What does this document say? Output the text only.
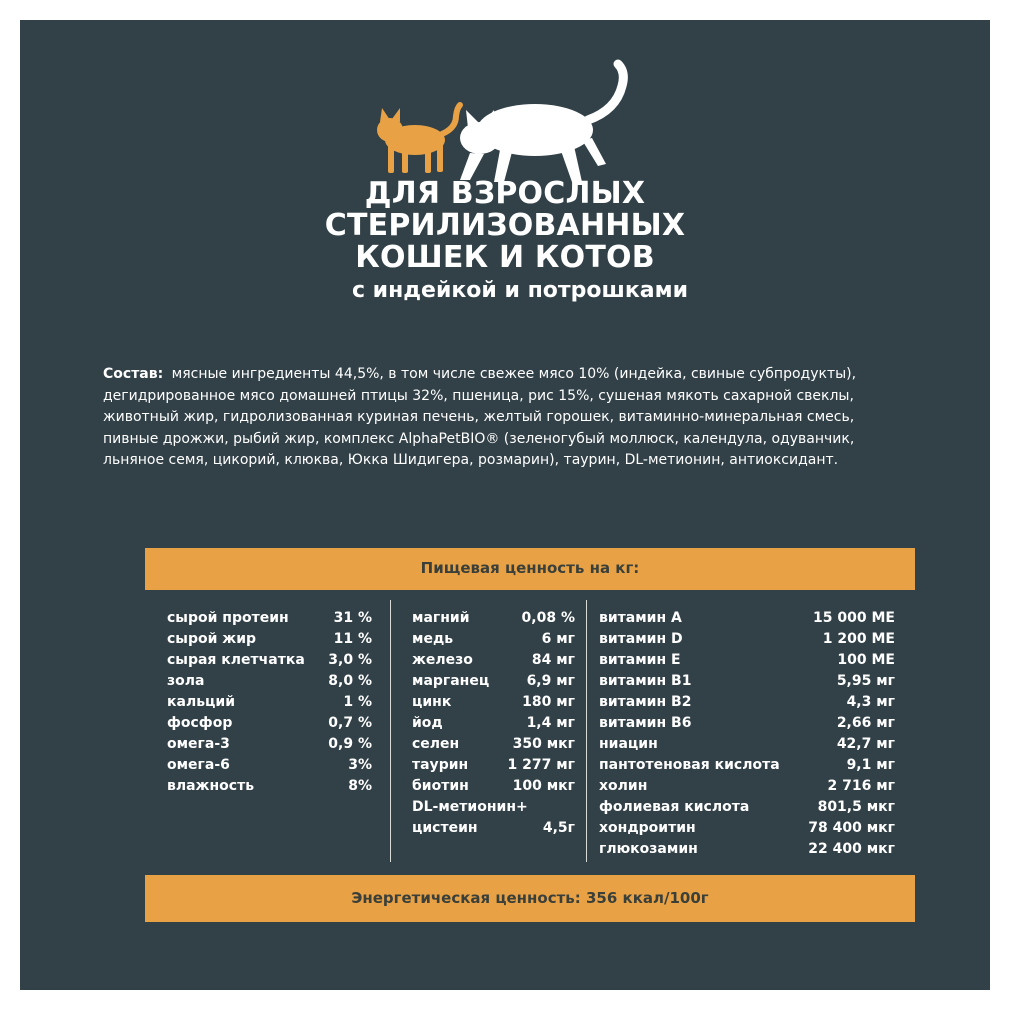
ДЛЯ ВЗРОСЛЫХ
СТЕРИЛИЗОВАННЫХ
КОШЕК И КОТОВ
с индейкой и потрошками
Состав: мясные ингредиенты 44,5%, в том числе свежее мясо 10% (индейка, свиные субпродукты),
дегидрированное мясо домашней птицы 32%, пшеница, рис 15%, сушеная мякоть сахарной свеклы,
животный жир, гидролизованная куриная печень, желтый горошек, витаминно-минеральная смесь,
пивные дрожжи, рыбий жир, комплекс AlphaPetBIO® (зеленогубый моллюск, календула, одуванчик,
льняное семя, цикорий, клюква, Юкка Шидигера, розмарин), таурин, DL-метионин, антиоксидант.
Пищевая ценность на кг:
сырой протеин	31 %
сырой жир	11 %
сырая клетчатка 3,0 %
зола	8,0 %
кальций	1 %
фосфор	0,7 %
омега-3	0,9 %
омега-6	3%
влажность	8%
магний	0,08 %
медь	6 мг
железо	84 мг
марганец	6,9 мг
цинк	180 мг
йод	1,4 мг
селен	350 мкг
таурин	1 277 мг
биотин	100 мкг
DL-метионин+
цистеин	4,5г
витамин А	15 000 МЕ
витамин D	1 200 МЕ
витамин Е	100 МЕ
витамин В1	5,95 мг
витамин В2	4,3 мг
витамин В6	2,66 мг
ниацин	42,7 мг
пантотеновая кислота	9,1 мг
холин	2 716 мг
фолиевая кислота	801,5 мкг
хондроитин	78 400 мкг
глюкозамин	22 400 мкг
Энергетическая ценность: 356 ккал/100г
